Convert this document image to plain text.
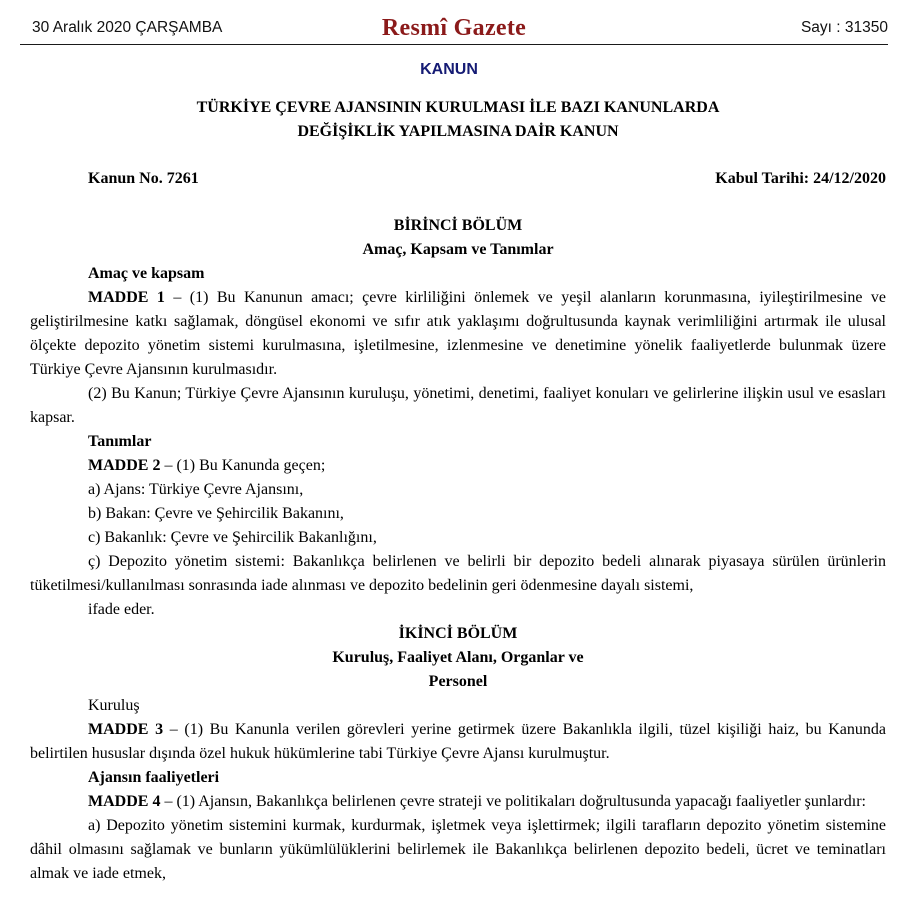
30 Aralık 2020 ÇARŞAMBA	Resmî Gazete	Sayı : 31350
KANUN
TÜRKİYE ÇEVRE AJANSININ KURULMASI İLE BAZI KANUNLARDA
DEĞİŞİKLİK YAPILMASINA DAİR KANUN
Kanun No. 7261	Kabul Tarihi: 24/12/2020

BİRİNCİ BÖLÜM

Amaç, Kapsam ve Tanımlar

Amaç ve kapsam

MADDE 1 – (1) Bu Kanunun amacı; çevre kirliliğini önlemek ve yeşil alanların korunmasına, iyileştirilmesine ve geliştirilmesine katkı sağlamak, döngüsel ekonomi ve sıfır atık yaklaşımı doğrultusunda kaynak verimliliğini artırmak ile ulusal ölçekte depozito yönetim sistemi kurulmasına, işletilmesine, izlenmesine ve denetimine yönelik faaliyetlerde bulunmak üzere Türkiye Çevre Ajansının kurulmasıdır.

(2) Bu Kanun; Türkiye Çevre Ajansının kuruluşu, yönetimi, denetimi, faaliyet konuları ve gelirlerine ilişkin usul ve esasları kapsar.

Tanımlar

MADDE 2 – (1) Bu Kanunda geçen;

a) Ajans: Türkiye Çevre Ajansını,

b) Bakan: Çevre ve Şehircilik Bakanını,

c) Bakanlık: Çevre ve Şehircilik Bakanlığını,

ç) Depozito yönetim sistemi: Bakanlıkça belirlenen ve belirli bir depozito bedeli alınarak piyasaya sürülen ürünlerin tüketilmesi/kullanılması sonrasında iade alınması ve depozito bedelinin geri ödenmesine dayalı sistemi,

ifade eder.

İKİNCİ BÖLÜM

Kuruluş, Faaliyet Alanı, Organlar ve

Personel

Kuruluş

MADDE 3 – (1) Bu Kanunla verilen görevleri yerine getirmek üzere Bakanlıkla ilgili, tüzel kişiliği haiz, bu Kanunda belirtilen hususlar dışında özel hukuk hükümlerine tabi Türkiye Çevre Ajansı kurulmuştur.

Ajansın faaliyetleri

MADDE 4 – (1) Ajansın, Bakanlıkça belirlenen çevre strateji ve politikaları doğrultusunda yapacağı faaliyetler şunlardır:

a) Depozito yönetim sistemini kurmak, kurdurmak, işletmek veya işlettirmek; ilgili tarafların depozito yönetim sistemine dâhil olmasını sağlamak ve bunların yükümlülüklerini belirlemek ile Bakanlıkça belirlenen depozito bedeli, ücret ve teminatları almak ve iade etmek,
